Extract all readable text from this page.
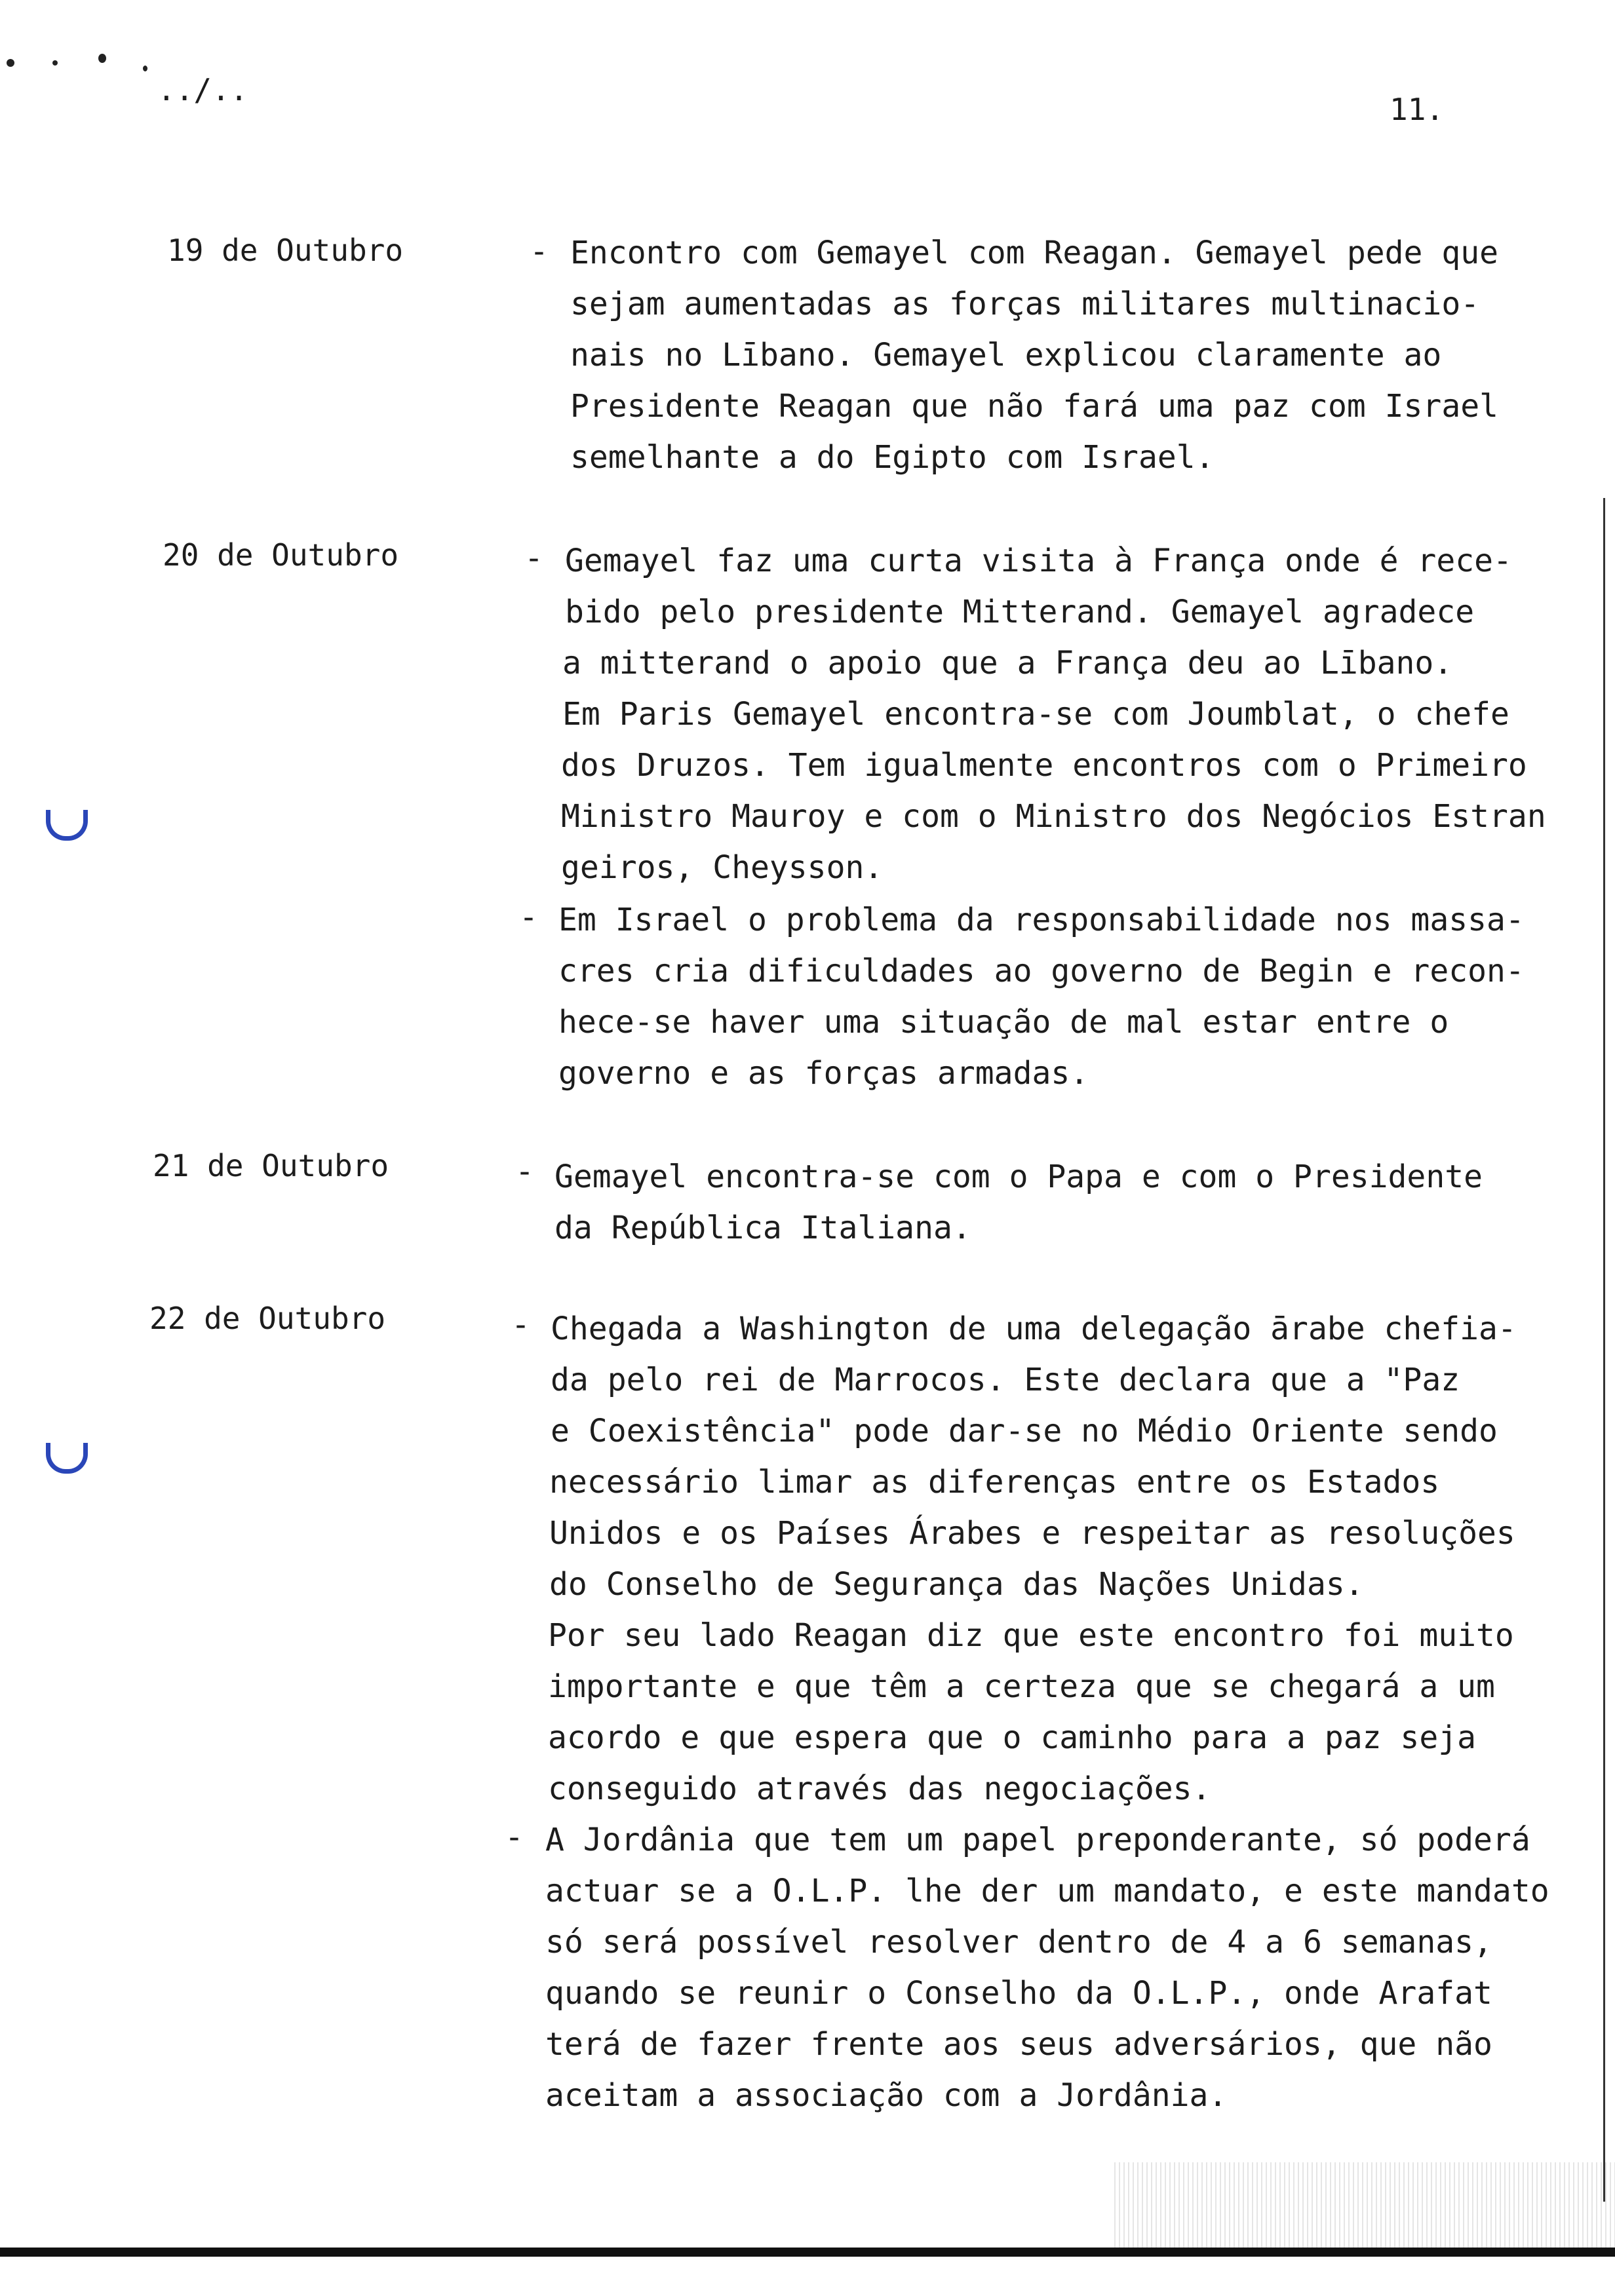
../..
11.
19 de Outubro	- Encontro com Gemayel com Reagan. Gemayel pede que
sejam aumentadas as forças militares multinacio-
nais no Lībano. Gemayel explicou claramente ao
Presidente Reagan que não fará uma paz com Israel
semelhante a do Egipto com Israel.
20 de Outubro	- Gemayel faz uma curta visita à França onde é rece-
bido pelo presidente Mitterand. Gemayel agradece
a mitterand o apoio que a França deu ao Lībano.
Em Paris Gemayel encontra-se com Joumblat, o chefe
dos Druzos. Tem igualmente encontros com o Primeiro
Ministro Mauroy e com o Ministro dos Negócios Estran
geiros, Cheysson.
- Em Israel o problema da responsabilidade nos massa-
cres cria dificuldades ao governo de Begin e recon-
hece-se haver uma situação de mal estar entre o
governo e as forças armadas.
21 de Outubro	- Gemayel encontra-se com o Papa e com o Presidente
da República Italiana.
22 de Outubro	- Chegada a Washington de uma delegação ārabe chefia-
da pelo rei de Marrocos. Este declara que a "Paz
e Coexistência" pode dar-se no Médio Oriente sendo
necessário limar as diferenças entre os Estados
Unidos e os Países Árabes e respeitar as resoluções
do Conselho de Segurança das Nações Unidas.
Por seu lado Reagan diz que este encontro foi muito
importante e que têm a certeza que se chegará a um
acordo e que espera que o caminho para a paz seja
conseguido através das negociações.
- A Jordânia que tem um papel preponderante, só poderá
actuar se a O.L.P. lhe der um mandato, e este mandato
só será possível resolver dentro de 4 a 6 semanas,
quando se reunir o Conselho da O.L.P., onde Arafat
terá de fazer frente aos seus adversários, que não
aceitam a associação com a Jordânia.
